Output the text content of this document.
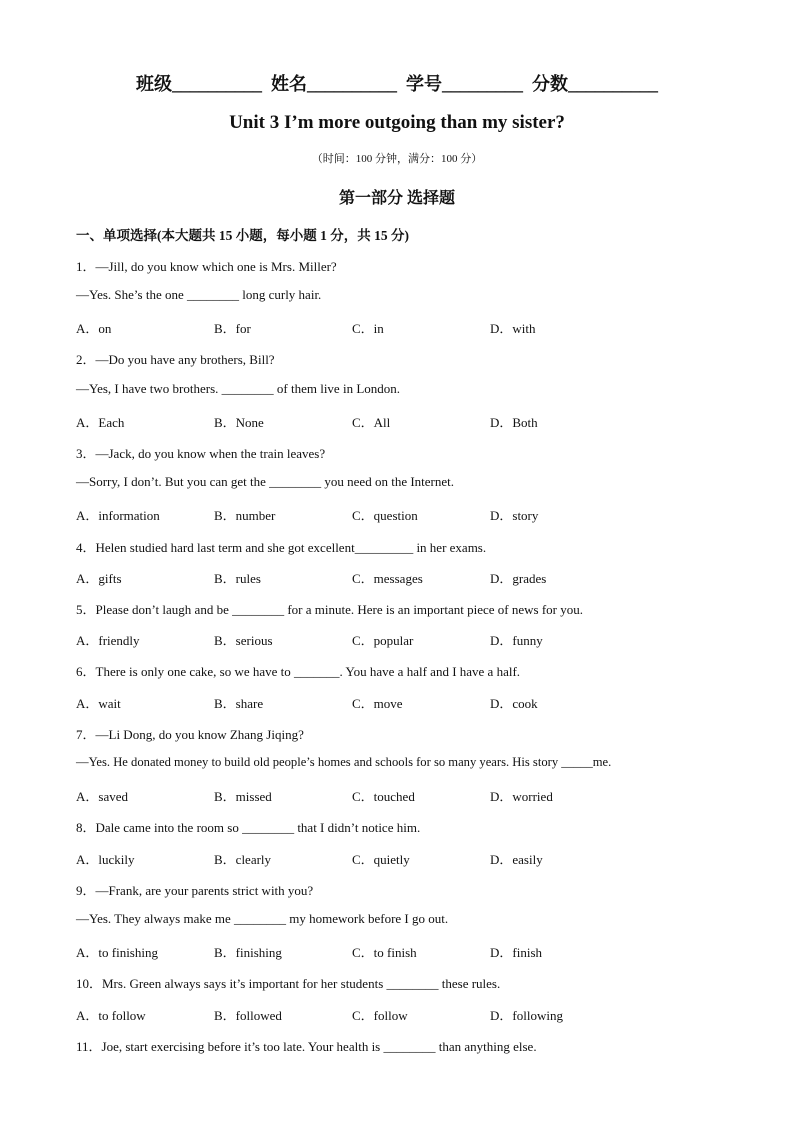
班级__________  姓名__________  学号_________  分数__________
Unit 3 I’m more outgoing than my sister?
（时间：100 分钟，满分：100 分）
第一部分 选择题
一、单项选择(本大题共 15 小题，每小题 1 分，共 15 分)
1．—Jill, do you know which one is Mrs. Miller?
—Yes. She’s the one ________ long curly hair.
A．on	B．for	C．in	D．with
2．—Do you have any brothers, Bill?
—Yes, I have two brothers. ________ of them live in London.
A．Each	B．None	C．All	D．Both
3．—Jack, do you know when the train leaves?
—Sorry, I don’t. But you can get the ________ you need on the Internet.
A．information	B．number	C．question	D．story
4．Helen studied hard last term and she got excellent_________ in her exams.
A．gifts	B．rules	C．messages	D．grades
5．Please don’t laugh and be ________ for a minute. Here is an important piece of news for you.
A．friendly	B．serious	C．popular	D．funny
6．There is only one cake, so we have to _______. You have a half and I have a half.
A．wait	B．share	C．move	D．cook
7．—Li Dong, do you know Zhang Jiqing?
—Yes. He donated money to build old people’s homes and schools for so many years. His story _____me.
A．saved	B．missed	C．touched	D．worried
8．Dale came into the room so ________ that I didn’t notice him.
A．luckily	B．clearly	C．quietly	D．easily
9．—Frank, are your parents strict with you?
—Yes. They always make me ________ my homework before I go out.
A．to finishing	B．finishing	C．to finish	D．finish
10．Mrs. Green always says it’s important for her students ________ these rules.
A．to follow	B．followed	C．follow	D．following
11．Joe, start exercising before it’s too late. Your health is ________ than anything else.
